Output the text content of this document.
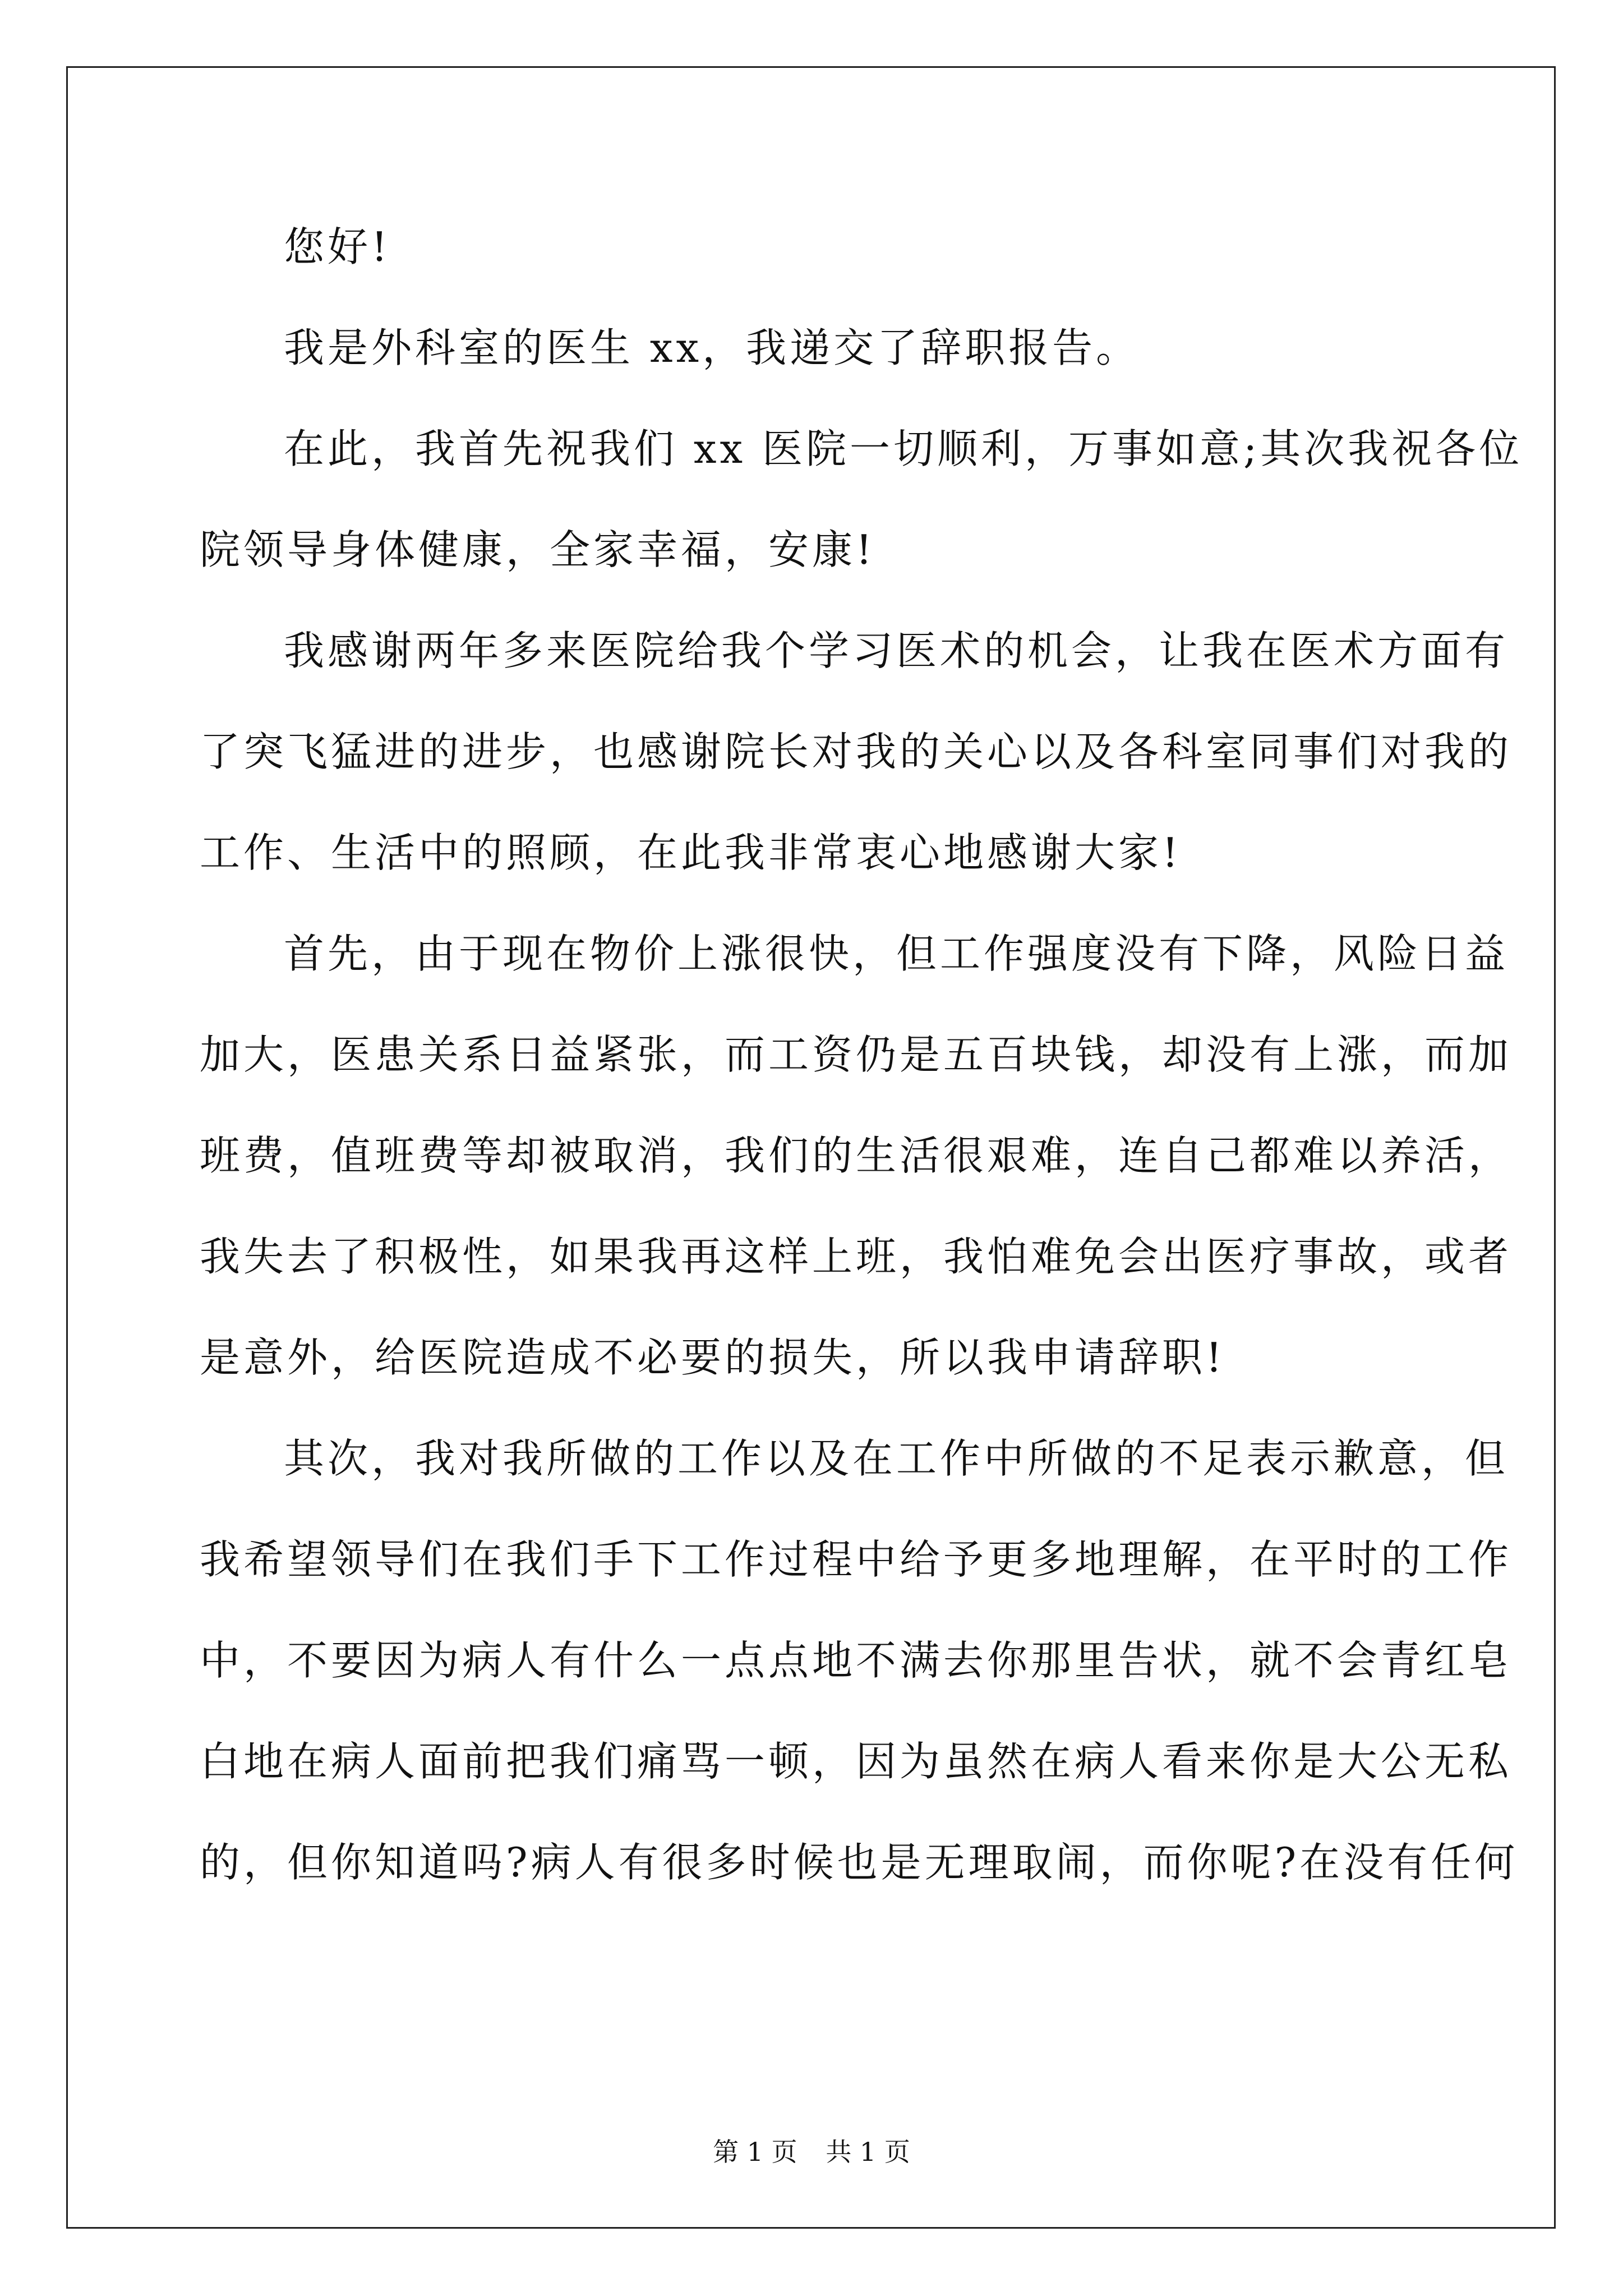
您好!
我是外科室的医生 xx，我递交了辞职报告。
在此，我首先祝我们 xx 医院一切顺利，万事如意;其次我祝各位
院领导身体健康，全家幸福，安康!
我感谢两年多来医院给我个学习医术的机会，让我在医术方面有
了突飞猛进的进步，也感谢院长对我的关心以及各科室同事们对我的
工作、生活中的照顾，在此我非常衷心地感谢大家!
首先，由于现在物价上涨很快，但工作强度没有下降，风险日益
加大，医患关系日益紧张，而工资仍是五百块钱，却没有上涨，而加
班费，值班费等却被取消，我们的生活很艰难，连自己都难以养活，
我失去了积极性，如果我再这样上班，我怕难免会出医疗事故，或者
是意外，给医院造成不必要的损失，所以我申请辞职!
其次，我对我所做的工作以及在工作中所做的不足表示歉意，但
我希望领导们在我们手下工作过程中给予更多地理解，在平时的工作
中，不要因为病人有什么一点点地不满去你那里告状，就不会青红皂
白地在病人面前把我们痛骂一顿，因为虽然在病人看来你是大公无私
的，但你知道吗?病人有很多时候也是无理取闹，而你呢?在没有任何
第 1 页 共 1 页
